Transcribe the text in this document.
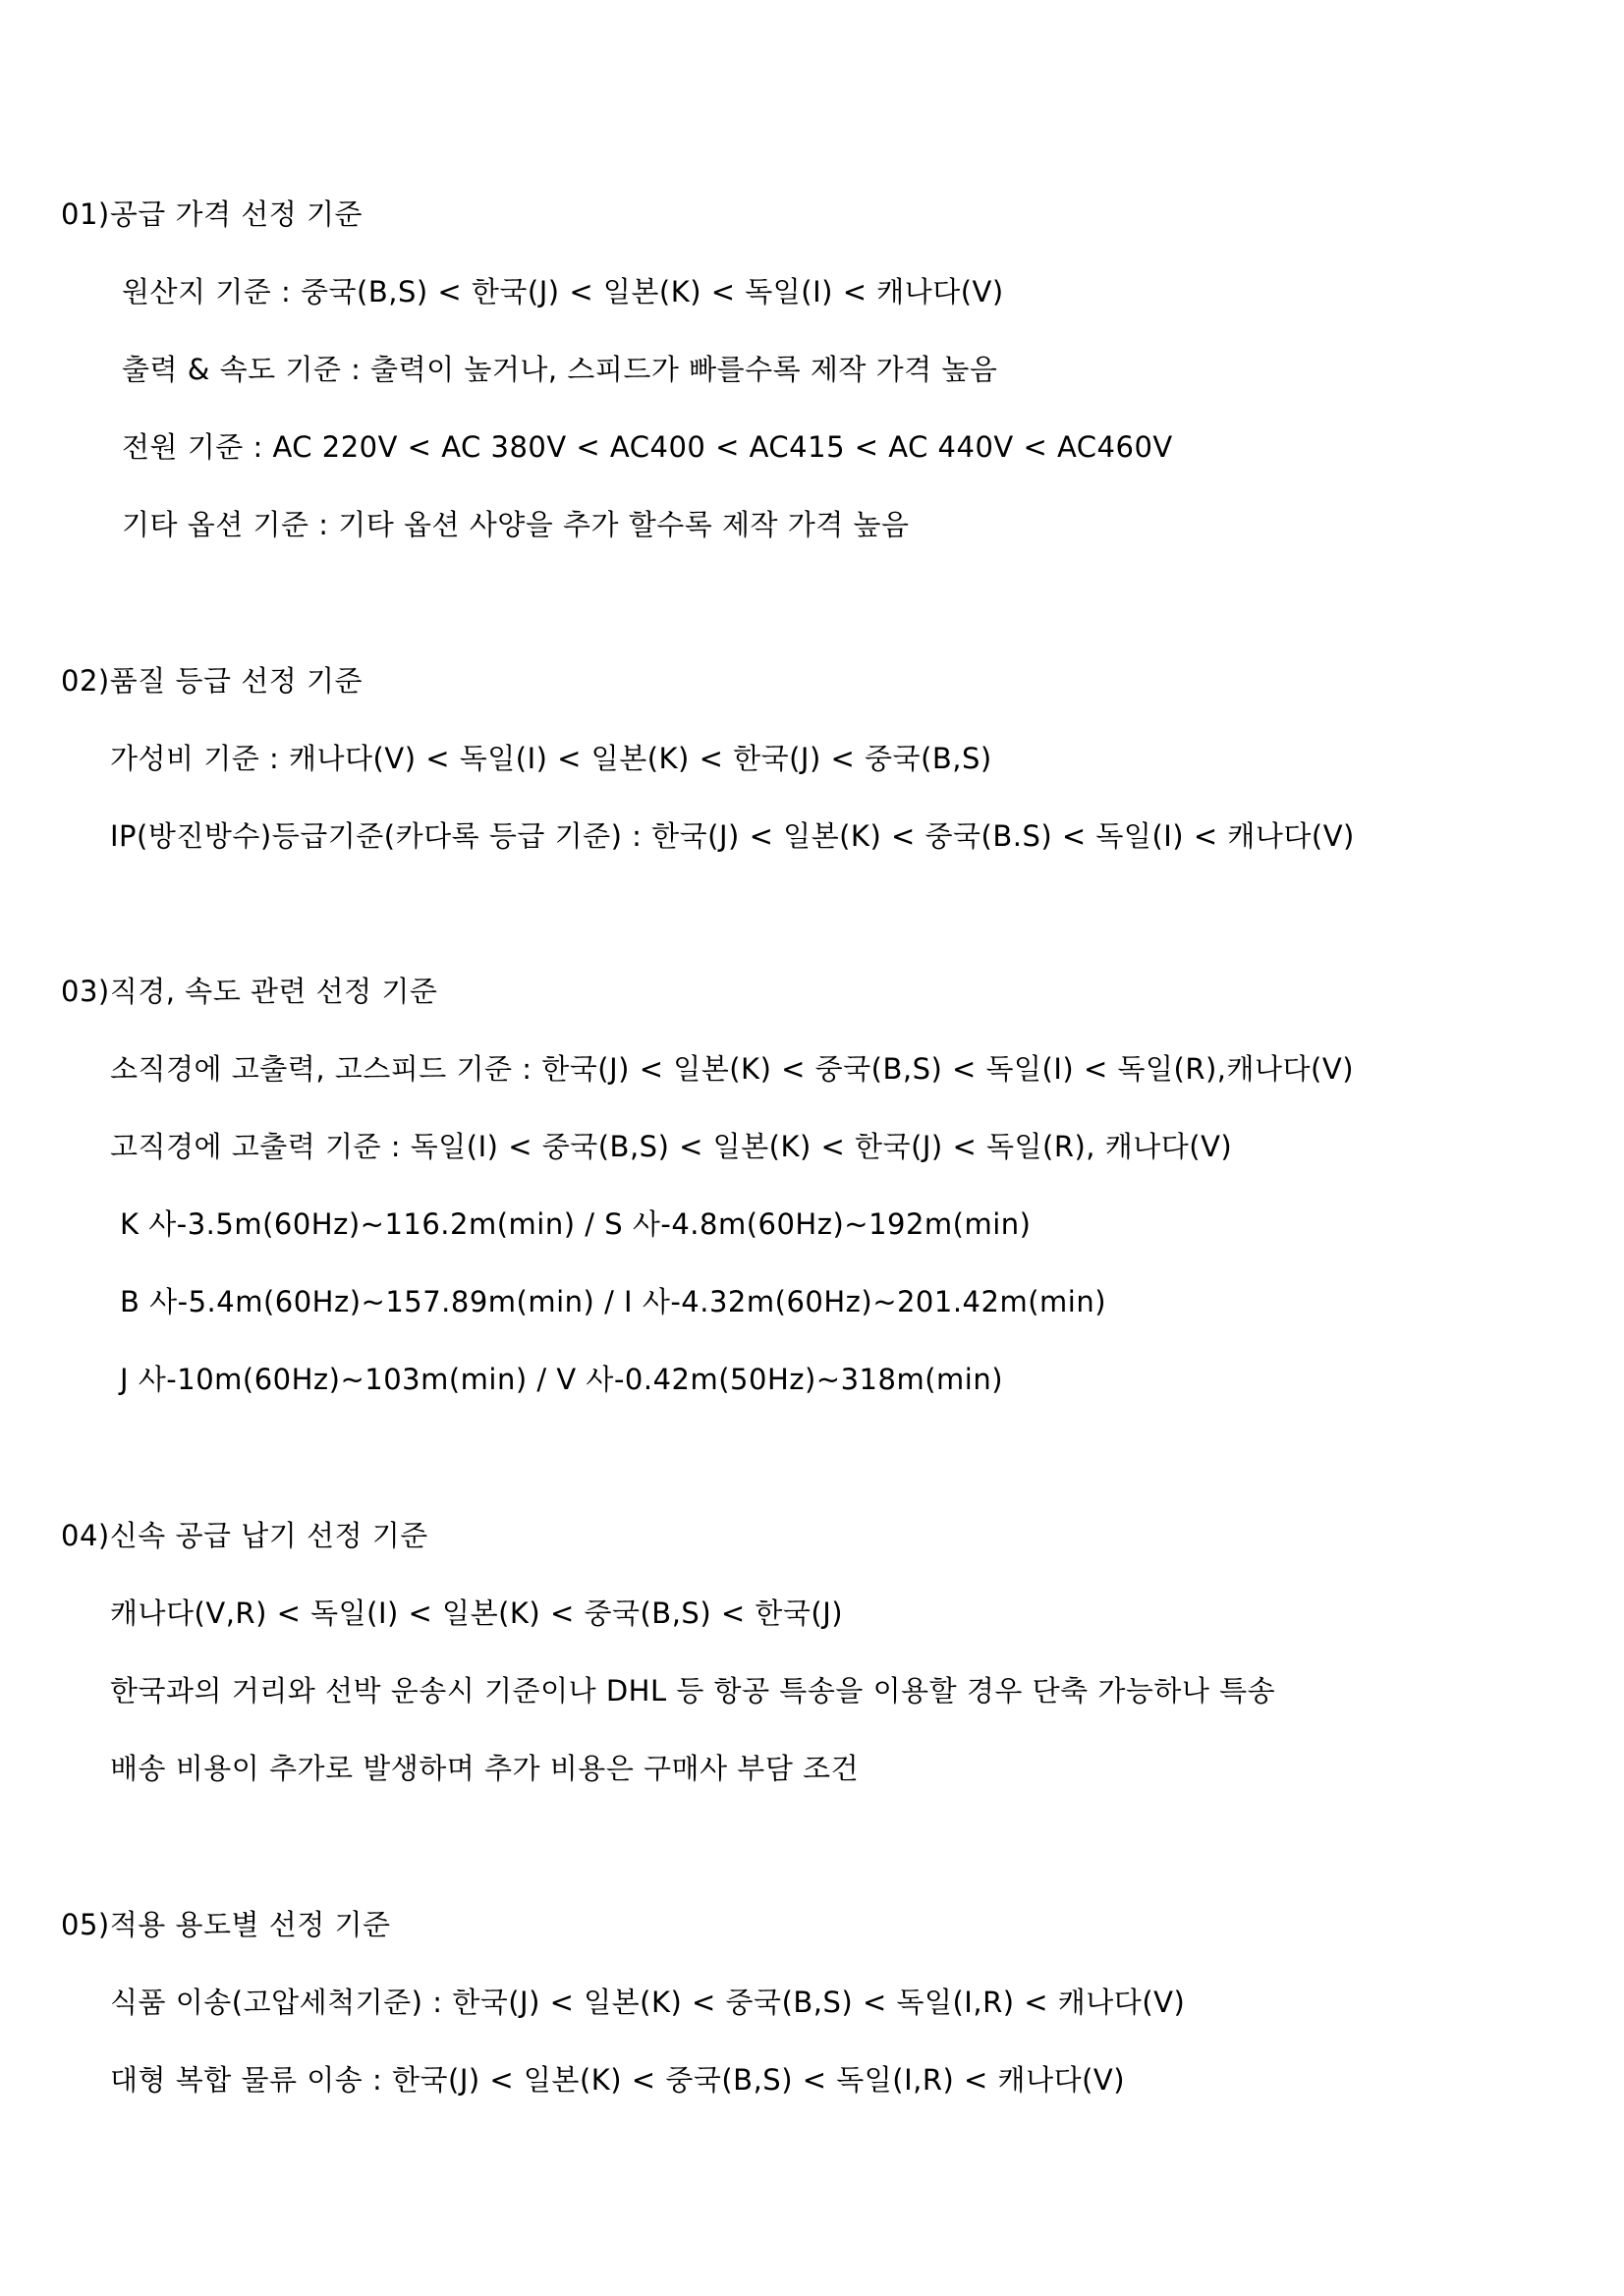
01)공급 가격 선정 기준
원산지 기준 : 중국(B,S) < 한국(J) < 일본(K) < 독일(I) < 캐나다(V)
출력 & 속도 기준 : 출력이 높거나, 스피드가 빠를수록 제작 가격 높음
전원 기준 : AC 220V < AC 380V < AC400 < AC415 < AC 440V < AC460V
기타 옵션 기준 : 기타 옵션 사양을 추가 할수록 제작 가격 높음
02)품질 등급 선정 기준
가성비 기준 : 캐나다(V) < 독일(I) < 일본(K) < 한국(J) < 중국(B,S)
IP(방진방수)등급기준(카다록 등급 기준) : 한국(J) < 일본(K) < 중국(B.S) < 독일(I) < 캐나다(V)
03)직경, 속도 관련 선정 기준
소직경에 고출력, 고스피드 기준 : 한국(J) < 일본(K) < 중국(B,S) < 독일(I) < 독일(R),캐나다(V)
고직경에 고출력 기준 : 독일(I) < 중국(B,S) < 일본(K) < 한국(J) < 독일(R), 캐나다(V)
K 사-3.5m(60Hz)~116.2m(min) / S 사-4.8m(60Hz)~192m(min)
B 사-5.4m(60Hz)~157.89m(min) / I 사-4.32m(60Hz)~201.42m(min)
J 사-10m(60Hz)~103m(min) / V 사-0.42m(50Hz)~318m(min)
04)신속 공급 납기 선정 기준
캐나다(V,R) < 독일(I) < 일본(K) < 중국(B,S) < 한국(J)
한국과의 거리와 선박 운송시 기준이나 DHL 등 항공 특송을 이용할 경우 단축 가능하나 특송
배송 비용이 추가로 발생하며 추가 비용은 구매사 부담 조건
05)적용 용도별 선정 기준
식품 이송(고압세척기준) : 한국(J) < 일본(K) < 중국(B,S) < 독일(I,R) < 캐나다(V)
대형 복합 물류 이송 : 한국(J) < 일본(K) < 중국(B,S) < 독일(I,R) < 캐나다(V)
